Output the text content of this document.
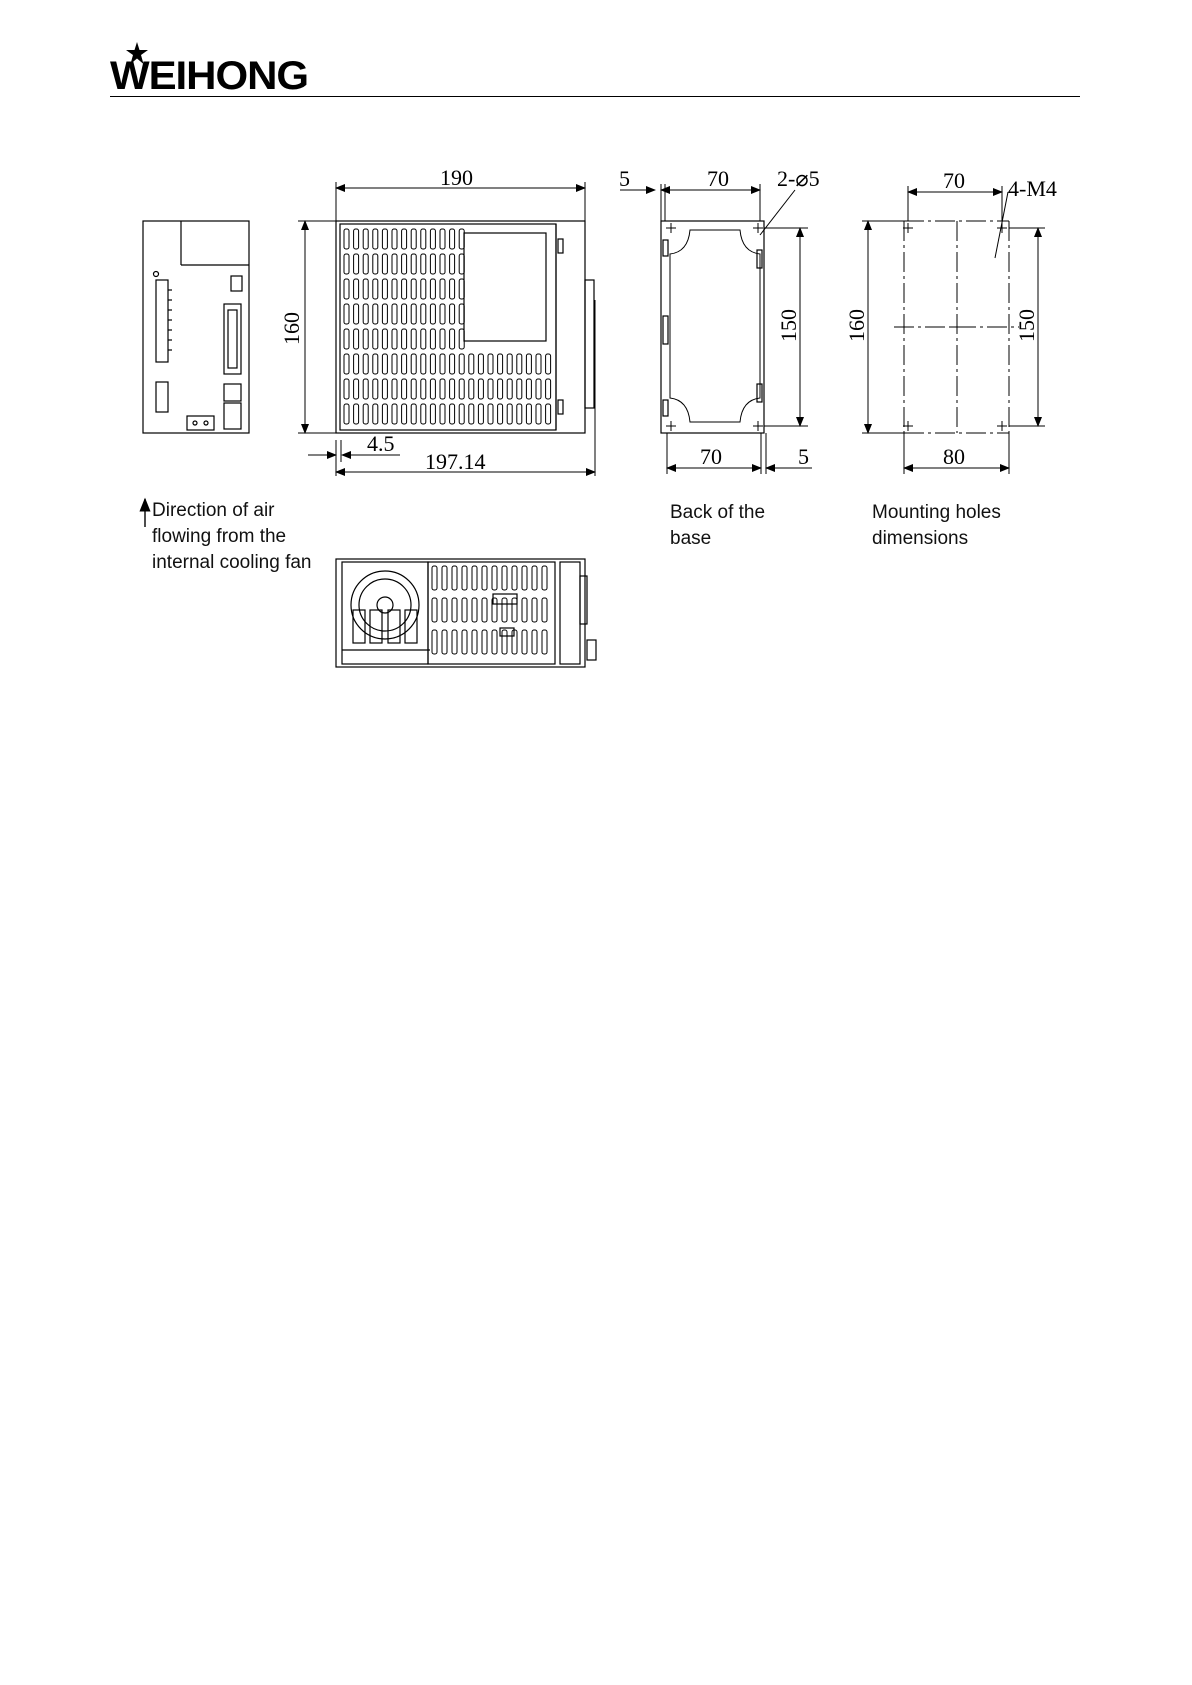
WEIHONG
190
160
4.5
197.14
5	70 2-⌀5
150
70	5
70 4-M4
160	150
80
Direction of air
flowing from the
internal cooling fan
Back of the
base
Mounting holes
dimensions
